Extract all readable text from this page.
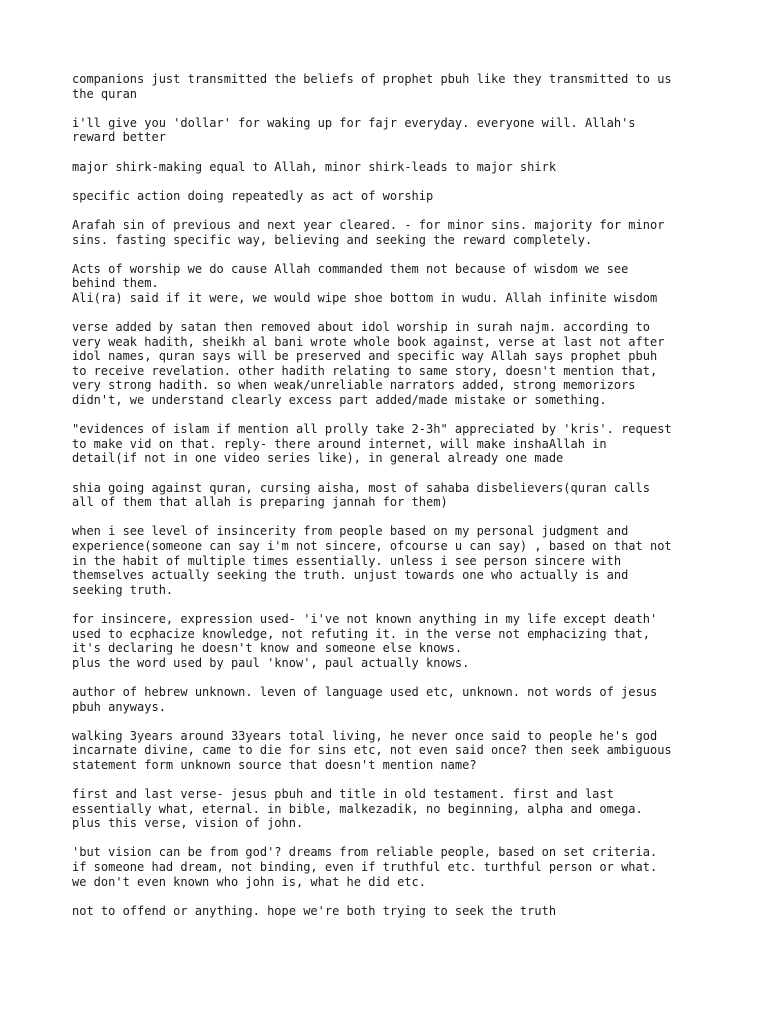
companions just transmitted the beliefs of prophet pbuh like they transmitted to us
the quran

i'll give you 'dollar' for waking up for fajr everyday. everyone will. Allah's
reward better

major shirk-making equal to Allah, minor shirk-leads to major shirk

specific action doing repeatedly as act of worship

Arafah sin of previous and next year cleared. - for minor sins. majority for minor
sins. fasting specific way, believing and seeking the reward completely.

Acts of worship we do cause Allah commanded them not because of wisdom we see
behind them.
Ali(ra) said if it were, we would wipe shoe bottom in wudu. Allah infinite wisdom

verse added by satan then removed about idol worship in surah najm. according to
very weak hadith, sheikh al bani wrote whole book against, verse at last not after
idol names, quran says will be preserved and specific way Allah says prophet pbuh
to receive revelation. other hadith relating to same story, doesn't mention that,
very strong hadith. so when weak/unreliable narrators added, strong memorizors
didn't, we understand clearly excess part added/made mistake or something.

"evidences of islam if mention all prolly take 2-3h" appreciated by 'kris'. request
to make vid on that. reply- there around internet, will make inshaAllah in
detail(if not in one video series like), in general already one made

shia going against quran, cursing aisha, most of sahaba disbelievers(quran calls
all of them that allah is preparing jannah for them)

when i see level of insincerity from people based on my personal judgment and
experience(someone can say i'm not sincere, ofcourse u can say) , based on that not
in the habit of multiple times essentially. unless i see person sincere with
themselves actually seeking the truth. unjust towards one who actually is and
seeking truth.

for insincere, expression used- 'i've not known anything in my life except death'
used to ecphacize knowledge, not refuting it. in the verse not emphacizing that,
it's declaring he doesn't know and someone else knows.
plus the word used by paul 'know', paul actually knows.

author of hebrew unknown. leven of language used etc, unknown. not words of jesus
pbuh anyways.

walking 3years around 33years total living, he never once said to people he's god
incarnate divine, came to die for sins etc, not even said once? then seek ambiguous
statement form unknown source that doesn't mention name?

first and last verse- jesus pbuh and title in old testament. first and last
essentially what, eternal. in bible, malkezadik, no beginning, alpha and omega.
plus this verse, vision of john.

'but vision can be from god'? dreams from reliable people, based on set criteria.
if someone had dream, not binding, even if truthful etc. turthful person or what.
we don't even known who john is, what he did etc.

not to offend or anything. hope we're both trying to seek the truth
